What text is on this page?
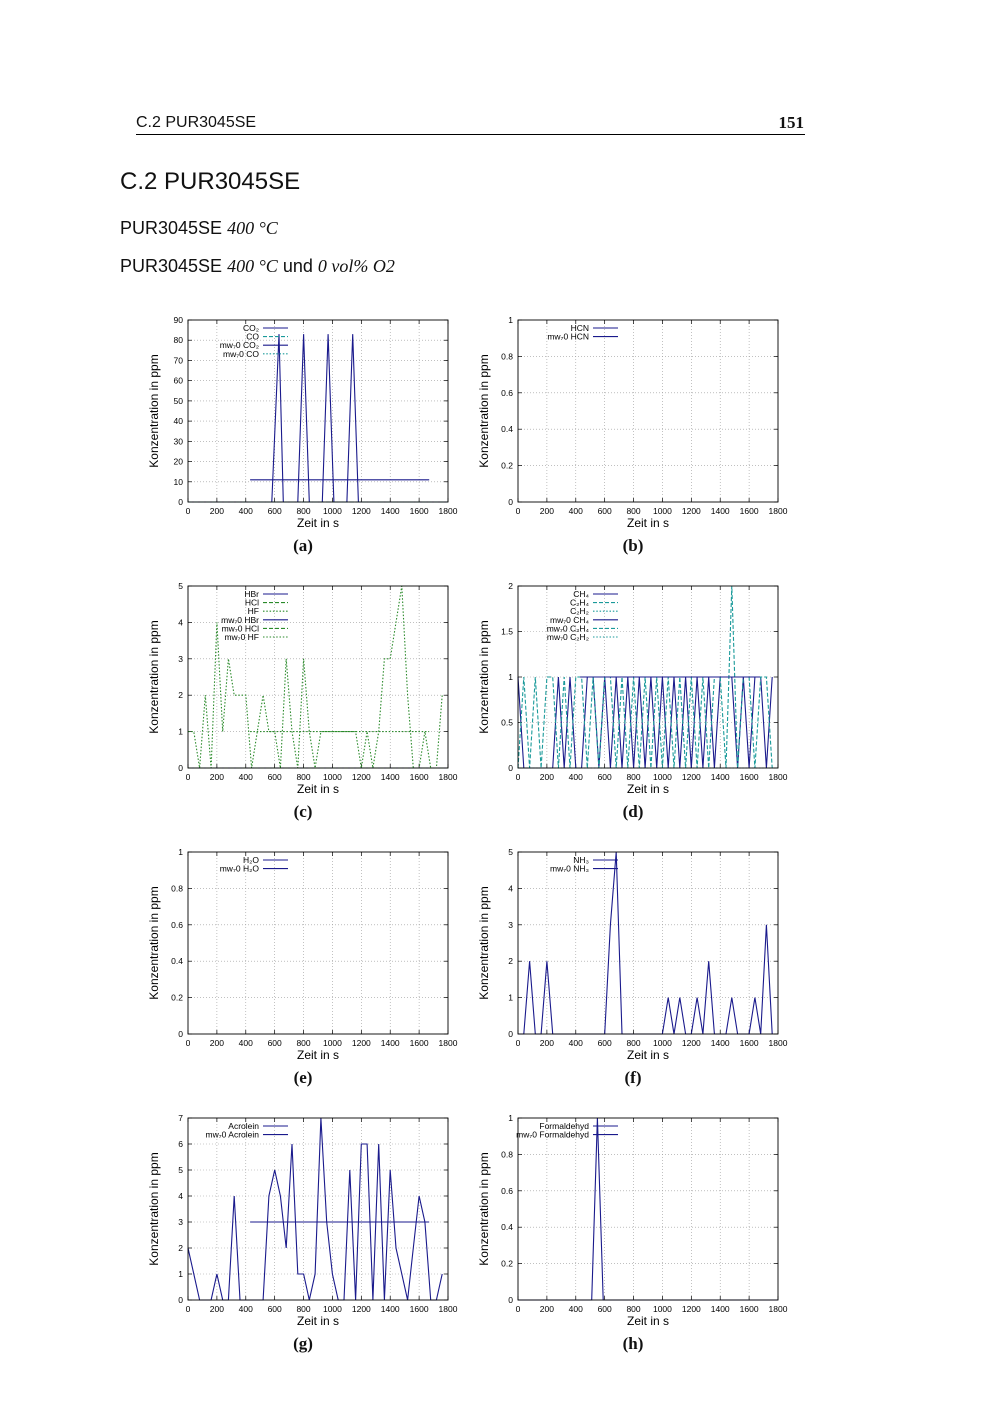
C.2 PUR3045SE	151
C.2 PUR3045SE
PUR3045SE 400 °C
PUR3045SE 400 °C und 0 vol% O2
0 200 400 600 800 1000 1200 1400 1600 1800
0
10
20
30
40
50
60
70
80
90
CO₂
CO
mw₇0 CO₂
mw₇0 CO
Zeit in s
Konzentration in ppm
(a)
0 200 400 600 800 1000 1200 1400 1600 1800
0
0.2
0.4
0.6
0.8
1
HCN
mw₇0 HCN
Zeit in s
Konzentration in ppm
(b)
0 200 400 600 800 1000 1200 1400 1600 1800
0
1
2
3
4
5
HBr
HCl
HF
mw₇0 HBr
mw₇0 HCl
mw₇0 HF
Zeit in s
Konzentration in ppm
(c)
0 200 400 600 800 1000 1200 1400 1600 1800
0
0.5
1
1.5
2
CH₄
C₂H₄
C₂H₂
mw₇0 CH₄
mw₇0 C₂H₄
mw₇0 C₂H₂
Zeit in s
Konzentration in ppm
(d)
0 200 400 600 800 1000 1200 1400 1600 1800
0
0.2
0.4
0.6
0.8
1
H₂O
mw₇0 H₂O
Zeit in s
Konzentration in ppm
(e)
0 200 400 600 800 1000 1200 1400 1600 1800
0
1
2
3
4
5
NH₃
mw₇0 NH₃
Zeit in s
Konzentration in ppm
(f)
0 200 400 600 800 1000 1200 1400 1600 1800
0
1
2
3
4
5
6
7
Acrolein
mw₇0 Acrolein
Zeit in s
Konzentration in ppm
(g)
0 200 400 600 800 1000 1200 1400 1600 1800
0
0.2
0.4
0.6
0.8
1
Formaldehyd
mw₇0 Formaldehyd
Zeit in s
Konzentration in ppm
(h)
